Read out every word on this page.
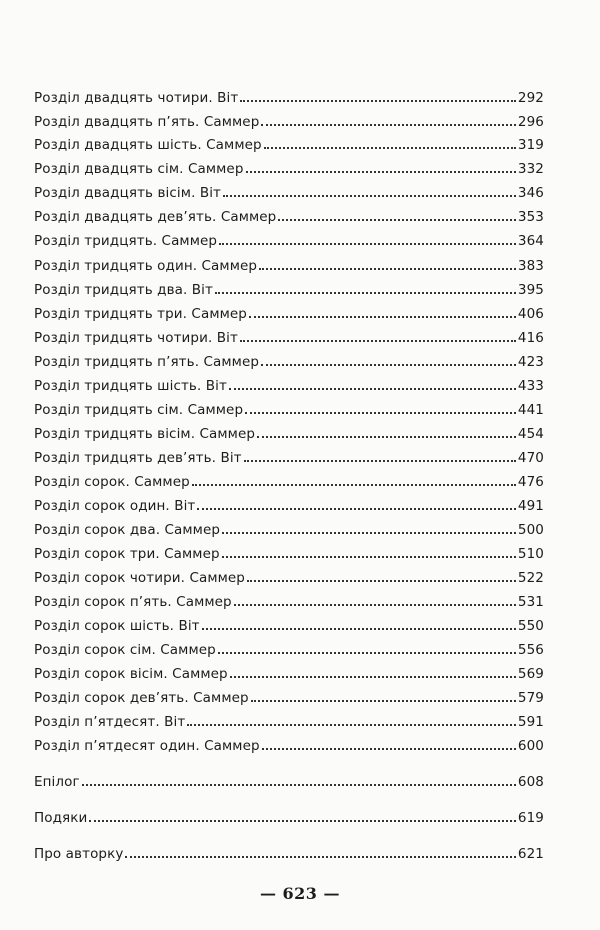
Розділ двадцять чотири. Віт	292
Розділ двадцять п’ять. Саммер	296
Розділ двадцять шість. Саммер	319
Розділ двадцять сім. Саммер	332
Розділ двадцять вісім. Віт	346
Розділ двадцять дев’ять. Саммер	353
Розділ тридцять. Саммер	364
Розділ тридцять один. Саммер	383
Розділ тридцять два. Віт	395
Розділ тридцять три. Саммер	406
Розділ тридцять чотири. Віт	416
Розділ тридцять п’ять. Саммер	423
Розділ тридцять шість. Віт	433
Розділ тридцять сім. Саммер	441
Розділ тридцять вісім. Саммер	454
Розділ тридцять дев’ять. Віт	470
Розділ сорок. Саммер	476
Розділ сорок один. Віт	491
Розділ сорок два. Саммер	500
Розділ сорок три. Саммер	510
Розділ сорок чотири. Саммер	522
Розділ сорок п’ять. Саммер	531
Розділ сорок шість. Віт	550
Розділ сорок сім. Саммер	556
Розділ сорок вісім. Саммер	569
Розділ сорок дев’ять. Саммер	579
Розділ п’ятдесят. Віт	591
Розділ п’ятдесят один. Саммер	600
Епілог	608
Подяки	619
Про авторку	621
— 623 —
